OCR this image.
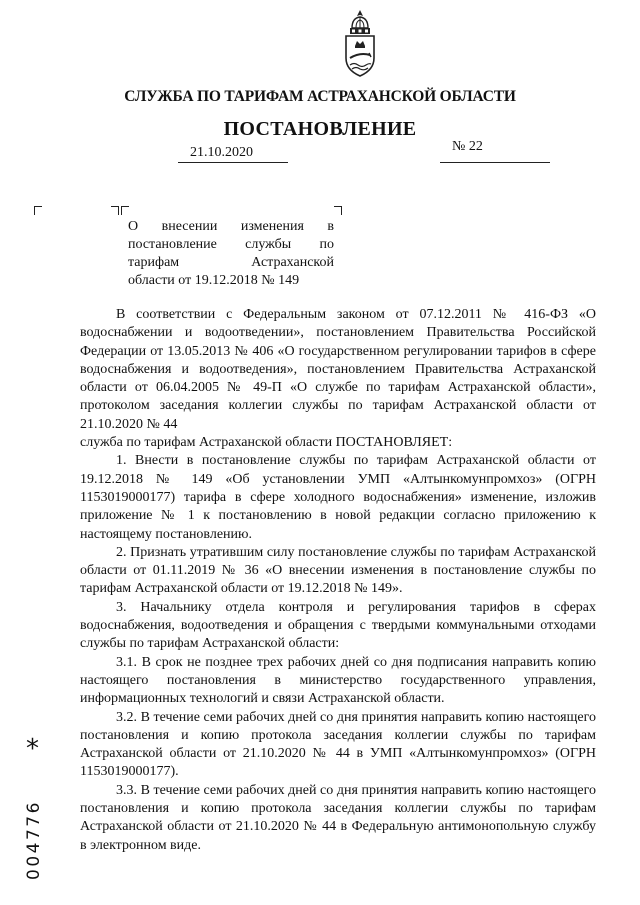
СЛУЖБА ПО ТАРИФАМ АСТРАХАНСКОЙ ОБЛАСТИ
ПОСТАНОВЛЕНИЕ
21.10.2020	№ 22
О внесении изменения в
постановление службы по
тарифам Астраханской
области от 19.12.2018 № 149

В соответствии с Федеральным законом от 07.12.2011 № 416-ФЗ «О водоснабжении и водоотведении», постановлением Правительства Российской Федерации от 13.05.2013 № 406 «О государственном регулировании тарифов в сфере водоснабжения и водоотведения», постановлением Правительства Астраханской области от 06.04.2005 № 49-П «О службе по тарифам Астраханской области», протоколом заседания коллегии службы по тарифам Астраханской области от 21.10.2020 № 44

служба по тарифам Астраханской области ПОСТАНОВЛЯЕТ:

1. Внести в постановление службы по тарифам Астраханской области от 19.12.2018 № 149 «Об установлении УМП «Алтынкомунпромхоз» (ОГРН 1153019000177) тарифа в сфере холодного водоснабжения» изменение, изложив приложение № 1 к постановлению в новой редакции согласно приложению к настоящему постановлению.

2. Признать утратившим силу постановление службы по тарифам Астраханской области от 01.11.2019 № 36 «О внесении изменения в постановление службы по тарифам Астраханской области от 19.12.2018 № 149».

3. Начальнику отдела контроля и регулирования тарифов в сферах водоснабжения, водоотведения и обращения с твердыми коммунальными отходами службы по тарифам Астраханской области:

3.1. В срок не позднее трех рабочих дней со дня подписания направить копию настоящего постановления в министерство государственного управления, информационных технологий и связи Астраханской области.

3.2. В течение семи рабочих дней со дня принятия направить копию настоящего постановления и копию протокола заседания коллегии службы по тарифам Астраханской области от 21.10.2020 № 44 в УМП «Алтынкомунпромхоз» (ОГРН 1153019000177).

3.3. В течение семи рабочих дней со дня принятия направить копию настоящего постановления и копию протокола заседания коллегии службы по тарифам Астраханской области от 21.10.2020 № 44 в Федеральную антимонопольную службу в электронном виде.

*
004776
